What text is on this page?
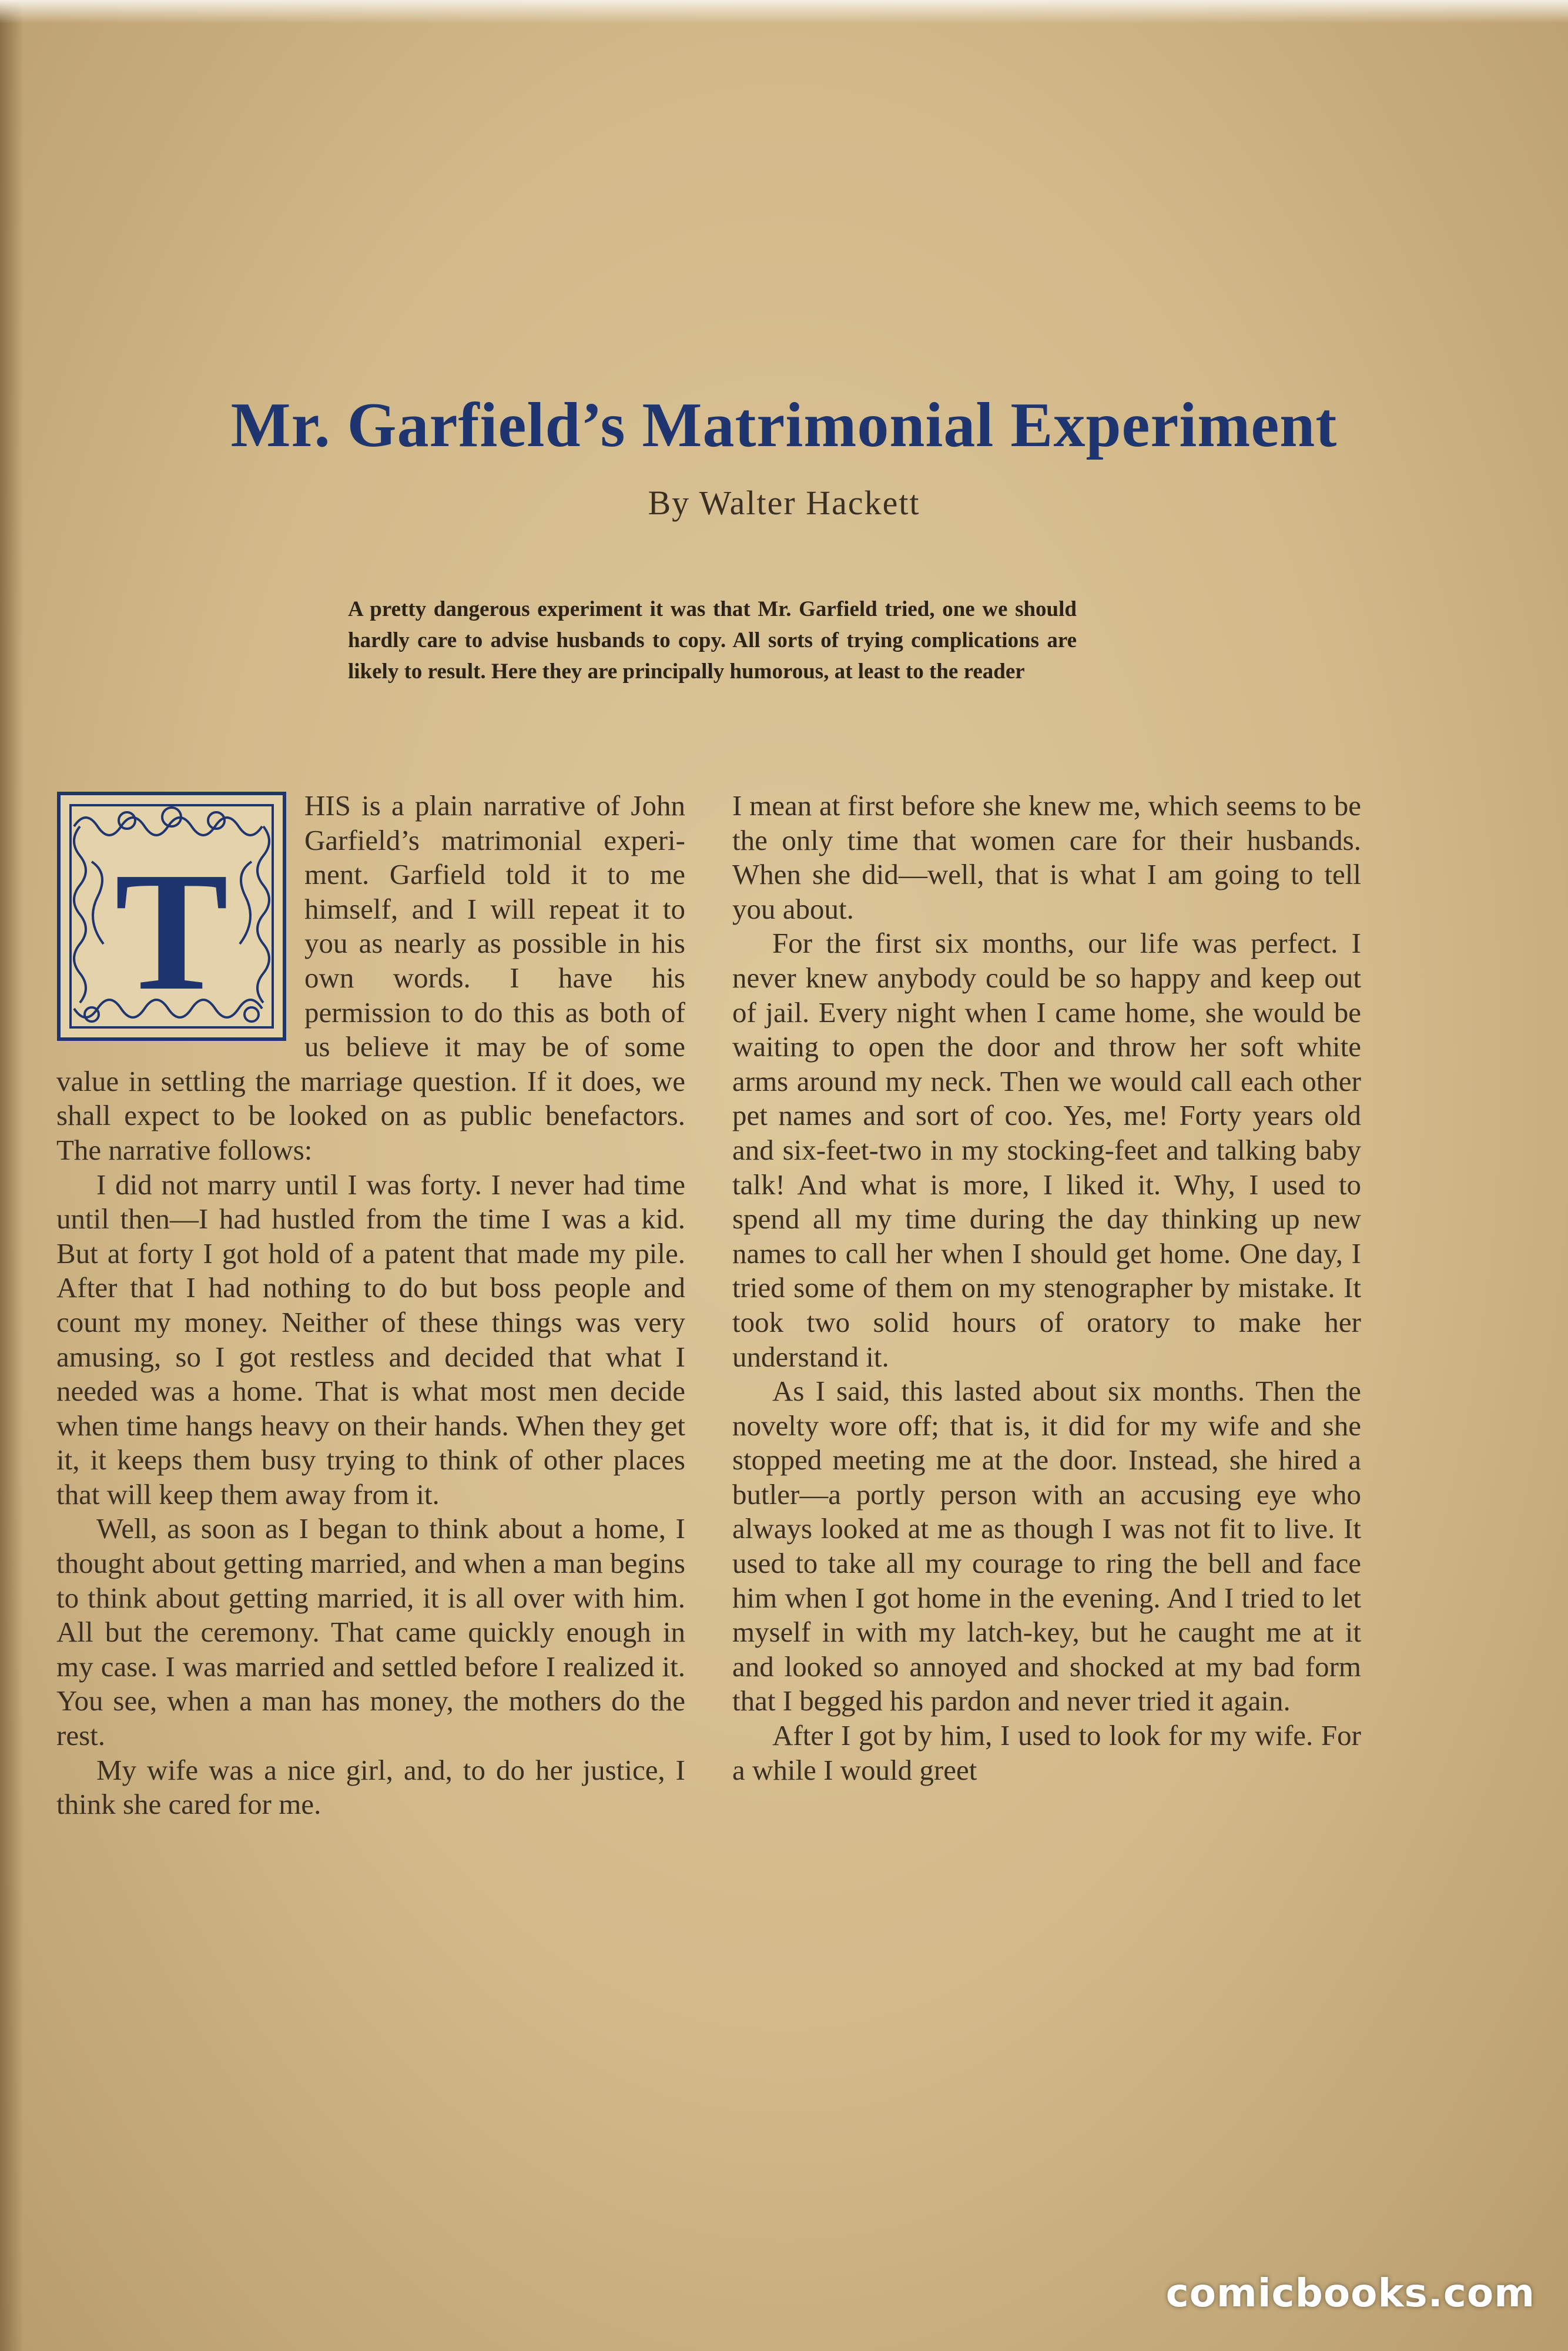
Mr. Garfield’s Matrimonial Experiment
By Walter Hackett
A pretty dangerous experiment it was that Mr. Garfield tried, one we should hardly care to advise husbands to copy. All sorts of trying complications are likely to result. Here they are principally humorous, at least to the reader
T

HIS is a plain narrative of John Garfield’s matrimonial experiment. Garfield told it to me himself, and I will repeat it to you as nearly as possible in his own words. I have his permission to do this as both of us believe it may be of some value in settling the marriage question. If it does, we shall expect to be looked on as public benefactors. The narrative follows:

I did not marry until I was forty. I never had time until then—I had hustled from the time I was a kid. But at forty I got hold of a patent that made my pile. After that I had nothing to do but boss people and count my money. Neither of these things was very amusing, so I got restless and decided that what I needed was a home. That is what most men decide when time hangs heavy on their hands. When they get it, it keeps them busy trying to think of other places that will keep them away from it.

Well, as soon as I began to think about a home, I thought about getting married, and when a man begins to think about getting married, it is all over with him. All but the ceremony. That came quickly enough in my case. I was married and settled before I realized it. You see, when a man has money, the mothers do the rest.

My wife was a nice girl, and, to do her justice, I think she cared for me.

I mean at first before she knew me, which seems to be the only time that women care for their husbands. When she did—well, that is what I am going to tell you about.

For the first six months, our life was perfect. I never knew anybody could be so happy and keep out of jail. Every night when I came home, she would be waiting to open the door and throw her soft white arms around my neck. Then we would call each other pet names and sort of coo. Yes, me! Forty years old and six-feet-two in my stocking-feet and talking baby talk! And what is more, I liked it. Why, I used to spend all my time during the day thinking up new names to call her when I should get home. One day, I tried some of them on my stenographer by mistake. It took two solid hours of oratory to make her understand it.

As I said, this lasted about six months. Then the novelty wore off; that is, it did for my wife and she stopped meeting me at the door. Instead, she hired a butler—a portly person with an accusing eye who always looked at me as though I was not fit to live. It used to take all my courage to ring the bell and face him when I got home in the evening. And I tried to let myself in with my latch-key, but he caught me at it and looked so annoyed and shocked at my bad form that I begged his pardon and never tried it again.

After I got by him, I used to look for my wife. For a while I would greet

comicbooks.com
